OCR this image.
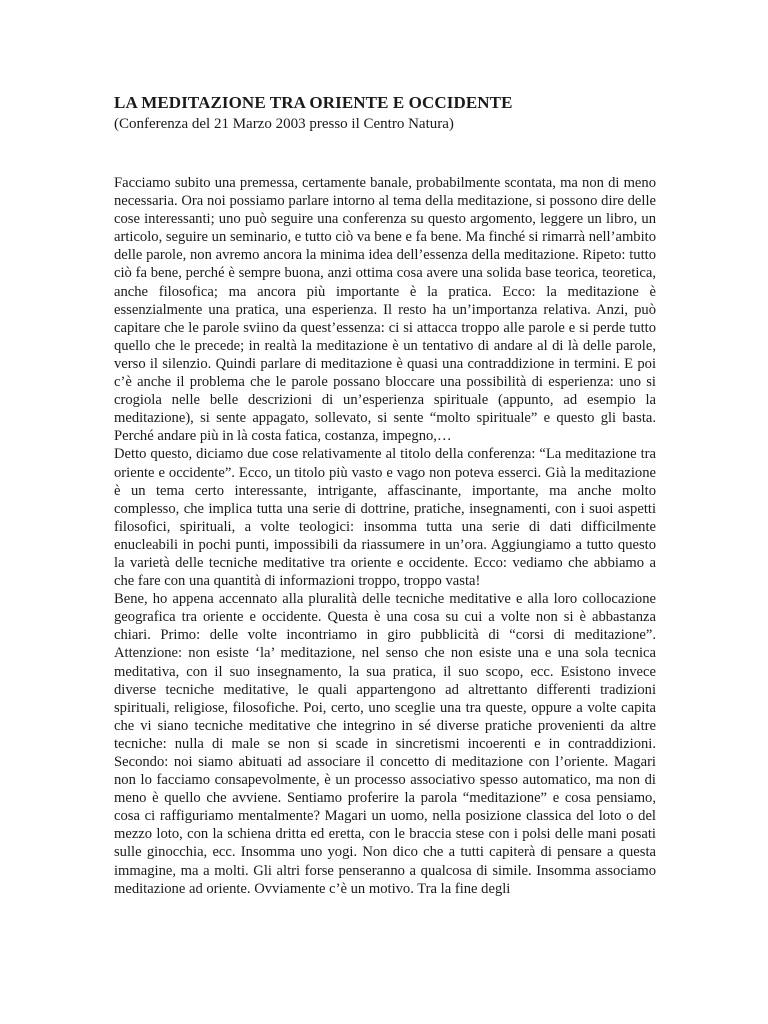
LA MEDITAZIONE TRA ORIENTE E OCCIDENTE

(Conferenza del 21 Marzo 2003 presso il Centro Natura)

Facciamo subito una premessa, certamente banale, probabilmente scontata, ma non di meno necessaria. Ora noi possiamo parlare intorno al tema della meditazione, si possono dire delle cose interessanti; uno può seguire una conferenza su questo argomento, leggere un libro, un articolo, seguire un seminario, e tutto ciò va bene e fa bene. Ma finché si rimarrà nell’ambito delle parole, non avremo ancora la minima idea dell’essenza della meditazione. Ripeto: tutto ciò fa bene, perché è sempre buona, anzi ottima cosa avere una solida base teorica, teoretica, anche filosofica; ma ancora più importante è la pratica. Ecco: la meditazione è essenzialmente una pratica, una esperienza. Il resto ha un’importanza relativa. Anzi, può capitare che le parole sviino da quest’essenza: ci si attacca troppo alle parole e si perde tutto quello che le precede; in realtà la meditazione è un tentativo di andare al di là delle parole, verso il silenzio. Quindi parlare di meditazione è quasi una contraddizione in termini. E poi c’è anche il problema che le parole possano bloccare una possibilità di esperienza: uno si crogiola nelle belle descrizioni di un’esperienza spirituale (appunto, ad esempio la meditazione), si sente appagato, sollevato, si sente “molto spirituale” e questo gli basta. Perché andare più in là costa fatica, costanza, impegno,…

Detto questo, diciamo due cose relativamente al titolo della conferenza: “La meditazione tra oriente e occidente”. Ecco, un titolo più vasto e vago non poteva esserci. Già la meditazione è un tema certo interessante, intrigante, affascinante, importante, ma anche molto complesso, che implica tutta una serie di dottrine, pratiche, insegnamenti, con i suoi aspetti filosofici, spirituali, a volte teologici: insomma tutta una serie di dati difficilmente enucleabili in pochi punti, impossibili da riassumere in un’ora. Aggiungiamo a tutto questo la varietà delle tecniche meditative tra oriente e occidente. Ecco: vediamo che abbiamo a che fare con una quantità di informazioni troppo, troppo vasta!

Bene, ho appena accennato alla pluralità delle tecniche meditative e alla loro collocazione geografica tra oriente e occidente. Questa è una cosa su cui a volte non si è abbastanza chiari. Primo: delle volte incontriamo in giro pubblicità di “corsi di meditazione”. Attenzione: non esiste ‘la’ meditazione, nel senso che non esiste una e una sola tecnica meditativa, con il suo insegnamento, la sua pratica, il suo scopo, ecc. Esistono invece diverse tecniche meditative, le quali appartengono ad altrettanto differenti tradizioni spirituali, religiose, filosofiche. Poi, certo, uno sceglie una tra queste, oppure a volte capita che vi siano tecniche meditative che integrino in sé diverse pratiche provenienti da altre tecniche: nulla di male se non si scade in sincretismi incoerenti e in contraddizioni. Secondo: noi siamo abituati ad associare il concetto di meditazione con l’oriente. Magari non lo facciamo consapevolmente, è un processo associativo spesso automatico, ma non di meno è quello che avviene. Sentiamo proferire la parola “meditazione” e cosa pensiamo, cosa ci raffiguriamo mentalmente? Magari un uomo, nella posizione classica del loto o del mezzo loto, con la schiena dritta ed eretta, con le braccia stese con i polsi delle mani posati sulle ginocchia, ecc. Insomma uno yogi. Non dico che a tutti capiterà di pensare a questa immagine, ma a molti. Gli altri forse penseranno a qualcosa di simile. Insomma associamo meditazione ad oriente. Ovviamente c’è un motivo. Tra la fine degli
